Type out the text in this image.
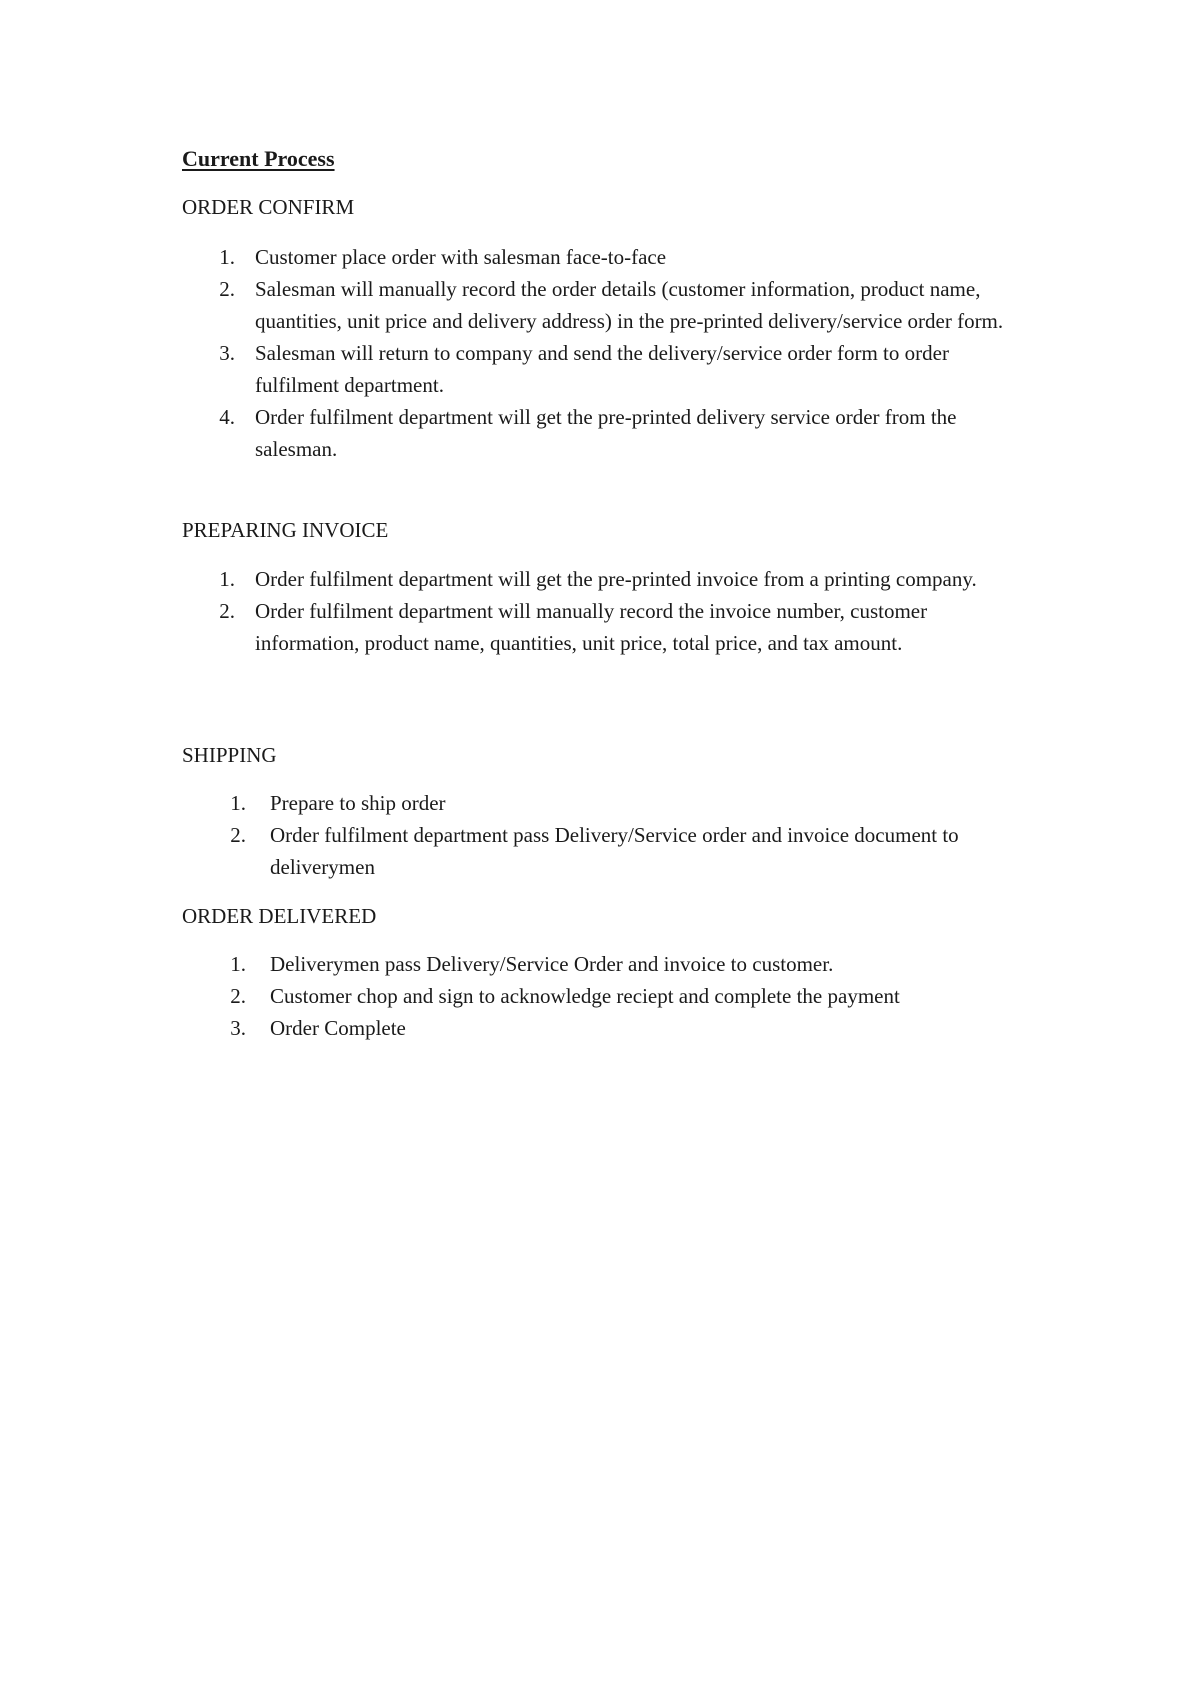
Current Process
ORDER CONFIRM
1. Customer place order with salesman face-to-face
2. Salesman will manually record the order details (customer information, product name, quantities, unit price and delivery address) in the pre-printed delivery/service order form.
3. Salesman will return to company and send the delivery/service order form to order fulfilment department.
4. Order fulfilment department will get the pre-printed delivery service order from the salesman.
PREPARING INVOICE
1. Order fulfilment department will get the pre-printed invoice from a printing company.
2. Order fulfilment department will manually record the invoice number, customer information, product name, quantities, unit price, total price, and tax amount.
SHIPPING
1. Prepare to ship order
2. Order fulfilment department pass Delivery/Service order and invoice document to deliverymen
ORDER DELIVERED
1. Deliverymen pass Delivery/Service Order and invoice to customer.
2. Customer chop and sign to acknowledge reciept and complete the payment
3. Order Complete
